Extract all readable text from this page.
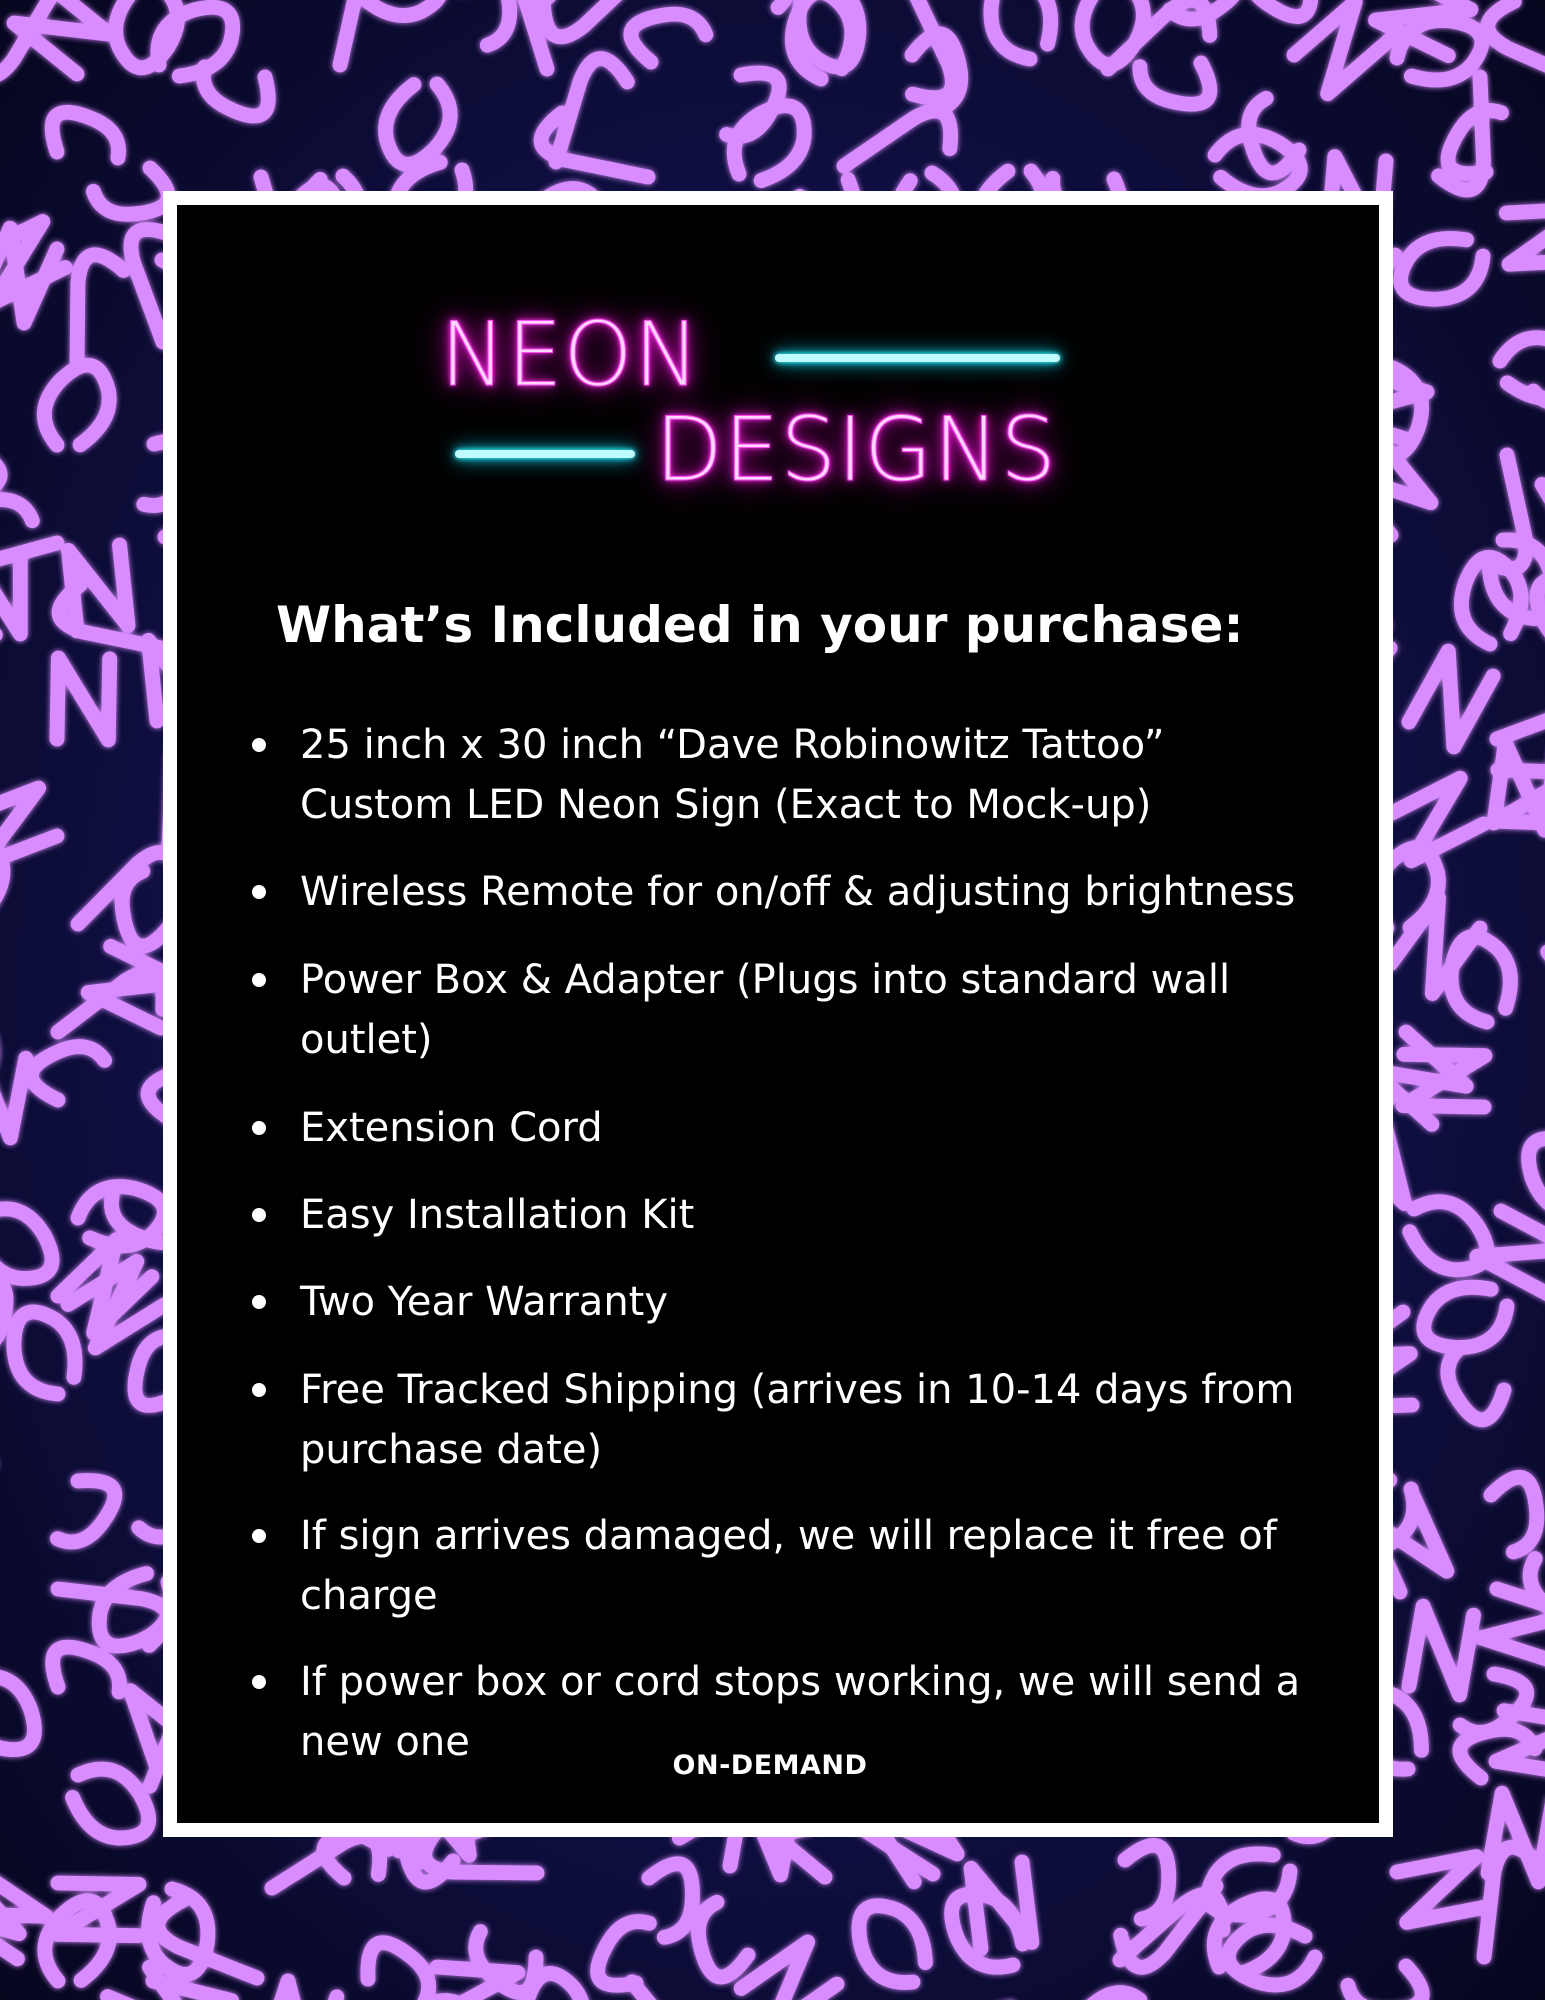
NEON
DESIGNS
What’s Included in your purchase:
25 inch x 30 inch “Dave Robinowitz Tattoo”
Custom LED Neon Sign (Exact to Mock-up)
Wireless Remote for on/off & adjusting brightness
Power Box & Adapter (Plugs into standard wall
outlet)
Extension Cord
Easy Installation Kit
Two Year Warranty
Free Tracked Shipping (arrives in 10-14 days from
purchase date)
If sign arrives damaged, we will replace it free of
charge
If power box or cord stops working, we will send a
new one
ON-DEMAND
